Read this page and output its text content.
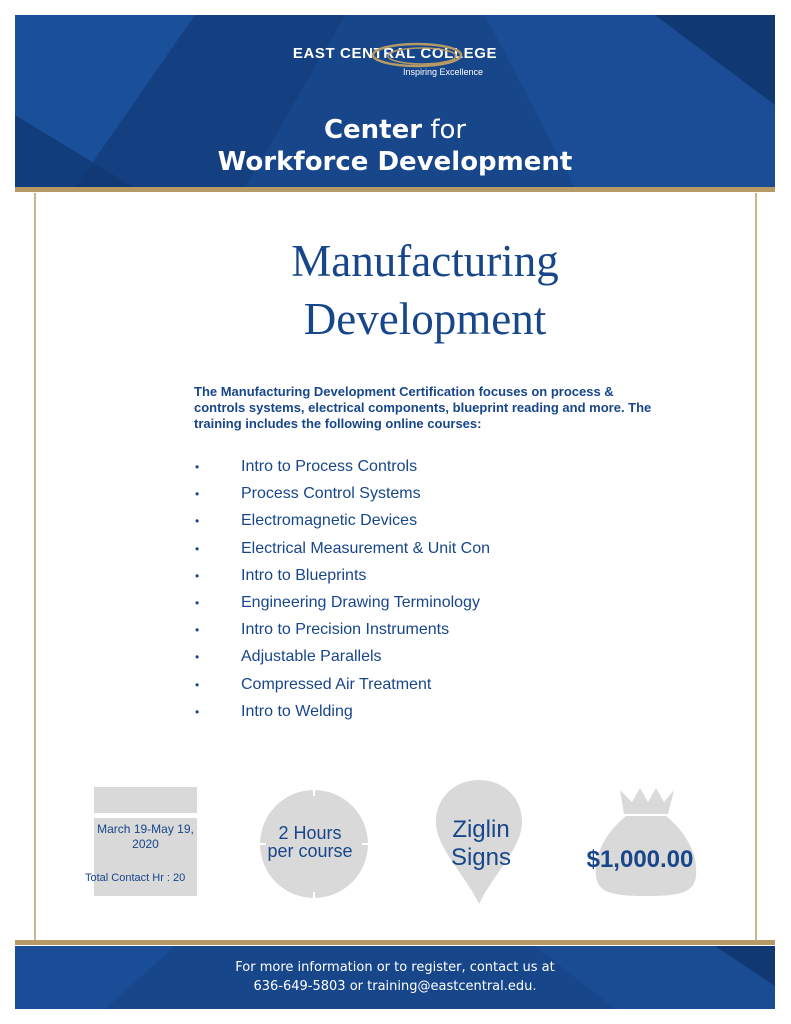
EAST CENTRAL COLLEGE
Inspiring Excellence
Center for
Workforce Development
Manufacturing
Development
The Manufacturing Development Certification focuses on process & controls systems, electrical components, blueprint reading and more. The training includes the following online courses:
•	Intro to Process Controls
•	Process Control Systems
•	Electromagnetic Devices
•	Electrical Measurement & Unit Con
•	Intro to Blueprints
•	Engineering Drawing Terminology
•	Intro to Precision Instruments
•	Adjustable Parallels
•	Compressed Air Treatment
•	Intro to Welding
March 19-May 19, 2020
Total Contact Hr : 20
2 Hours
per course
Ziglin
Signs	$1,000.00
For more information or to register, contact us at
636-649-5803 or training@eastcentral.edu.
